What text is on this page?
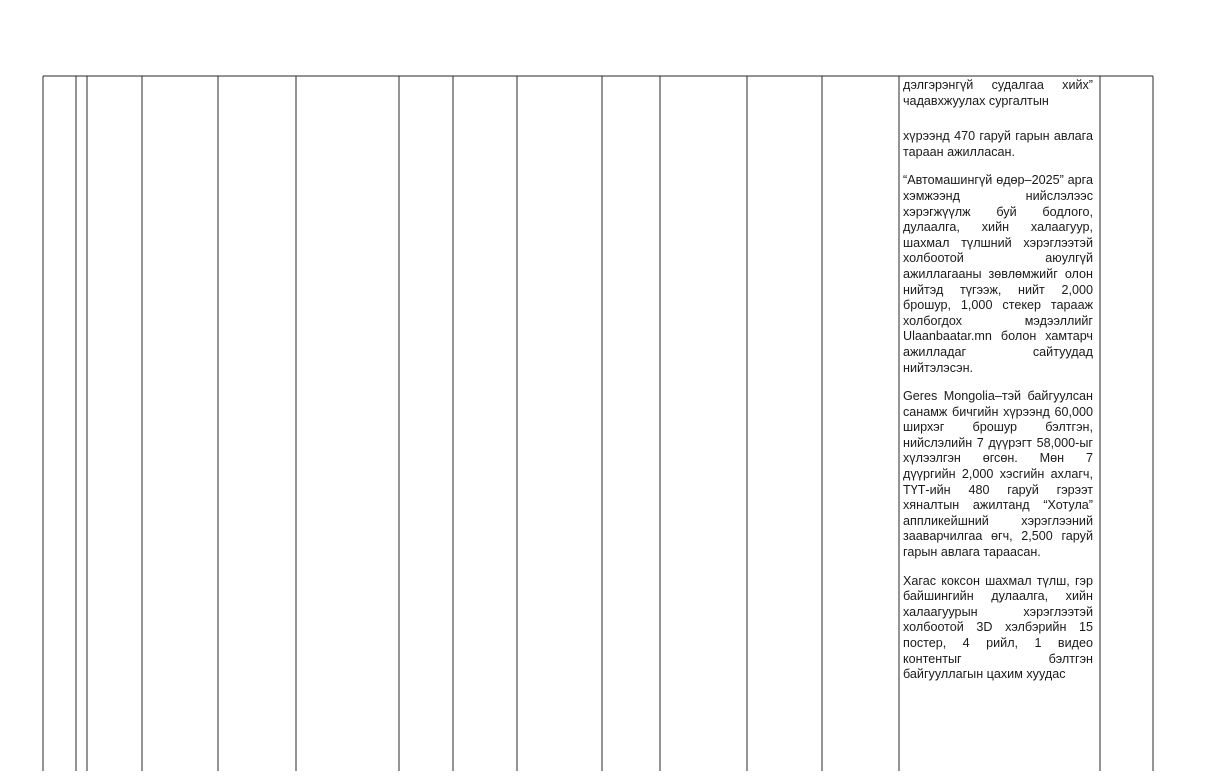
дэлгэрэнгүй судалгаа хийх” чадавхжуулах сургалтын

хүрээнд 470 гаруй гарын авлага тараан ажилласан.

“Автомашингүй өдөр–2025” арга хэмжээнд нийслэлээс хэрэгжүүлж буй бодлого, дулаалга, хийн халаагуур, шахмал түлшний хэрэглээтэй холбоотой аюулгүй ажиллагааны зөвлөмжийг олон нийтэд түгээж, нийт 2,000 брошур, 1,000 стекер тарааж холбогдох мэдээллийг Ulaanbaatar.mn болон хамтарч ажилладаг сайтуудад нийтэлэсэн.

Geres Mongolia–тэй байгуулсан санамж бичгийн хүрээнд 60,000 ширхэг брошур бэлтгэн, нийслэлийн 7 дүүрэгт 58,000-ыг хүлээлгэн өгсөн. Мөн 7 дүүргийн 2,000 хэсгийн ахлагч, ТҮТ-ийн 480 гаруй гэрээт хяналтын ажилтанд “Хотула” аппликейшний хэрэглээний зааварчилгаа өгч, 2,500 гаруй гарын авлага тараасан.

Хагас коксон шахмал түлш, гэр байшингийн дулаалга, хийн халаагуурын хэрэглээтэй холбоотой 3D хэлбэрийн 15 постер, 4 рийл, 1 видео контентыг бэлтгэн байгууллагын цахим хуудас
